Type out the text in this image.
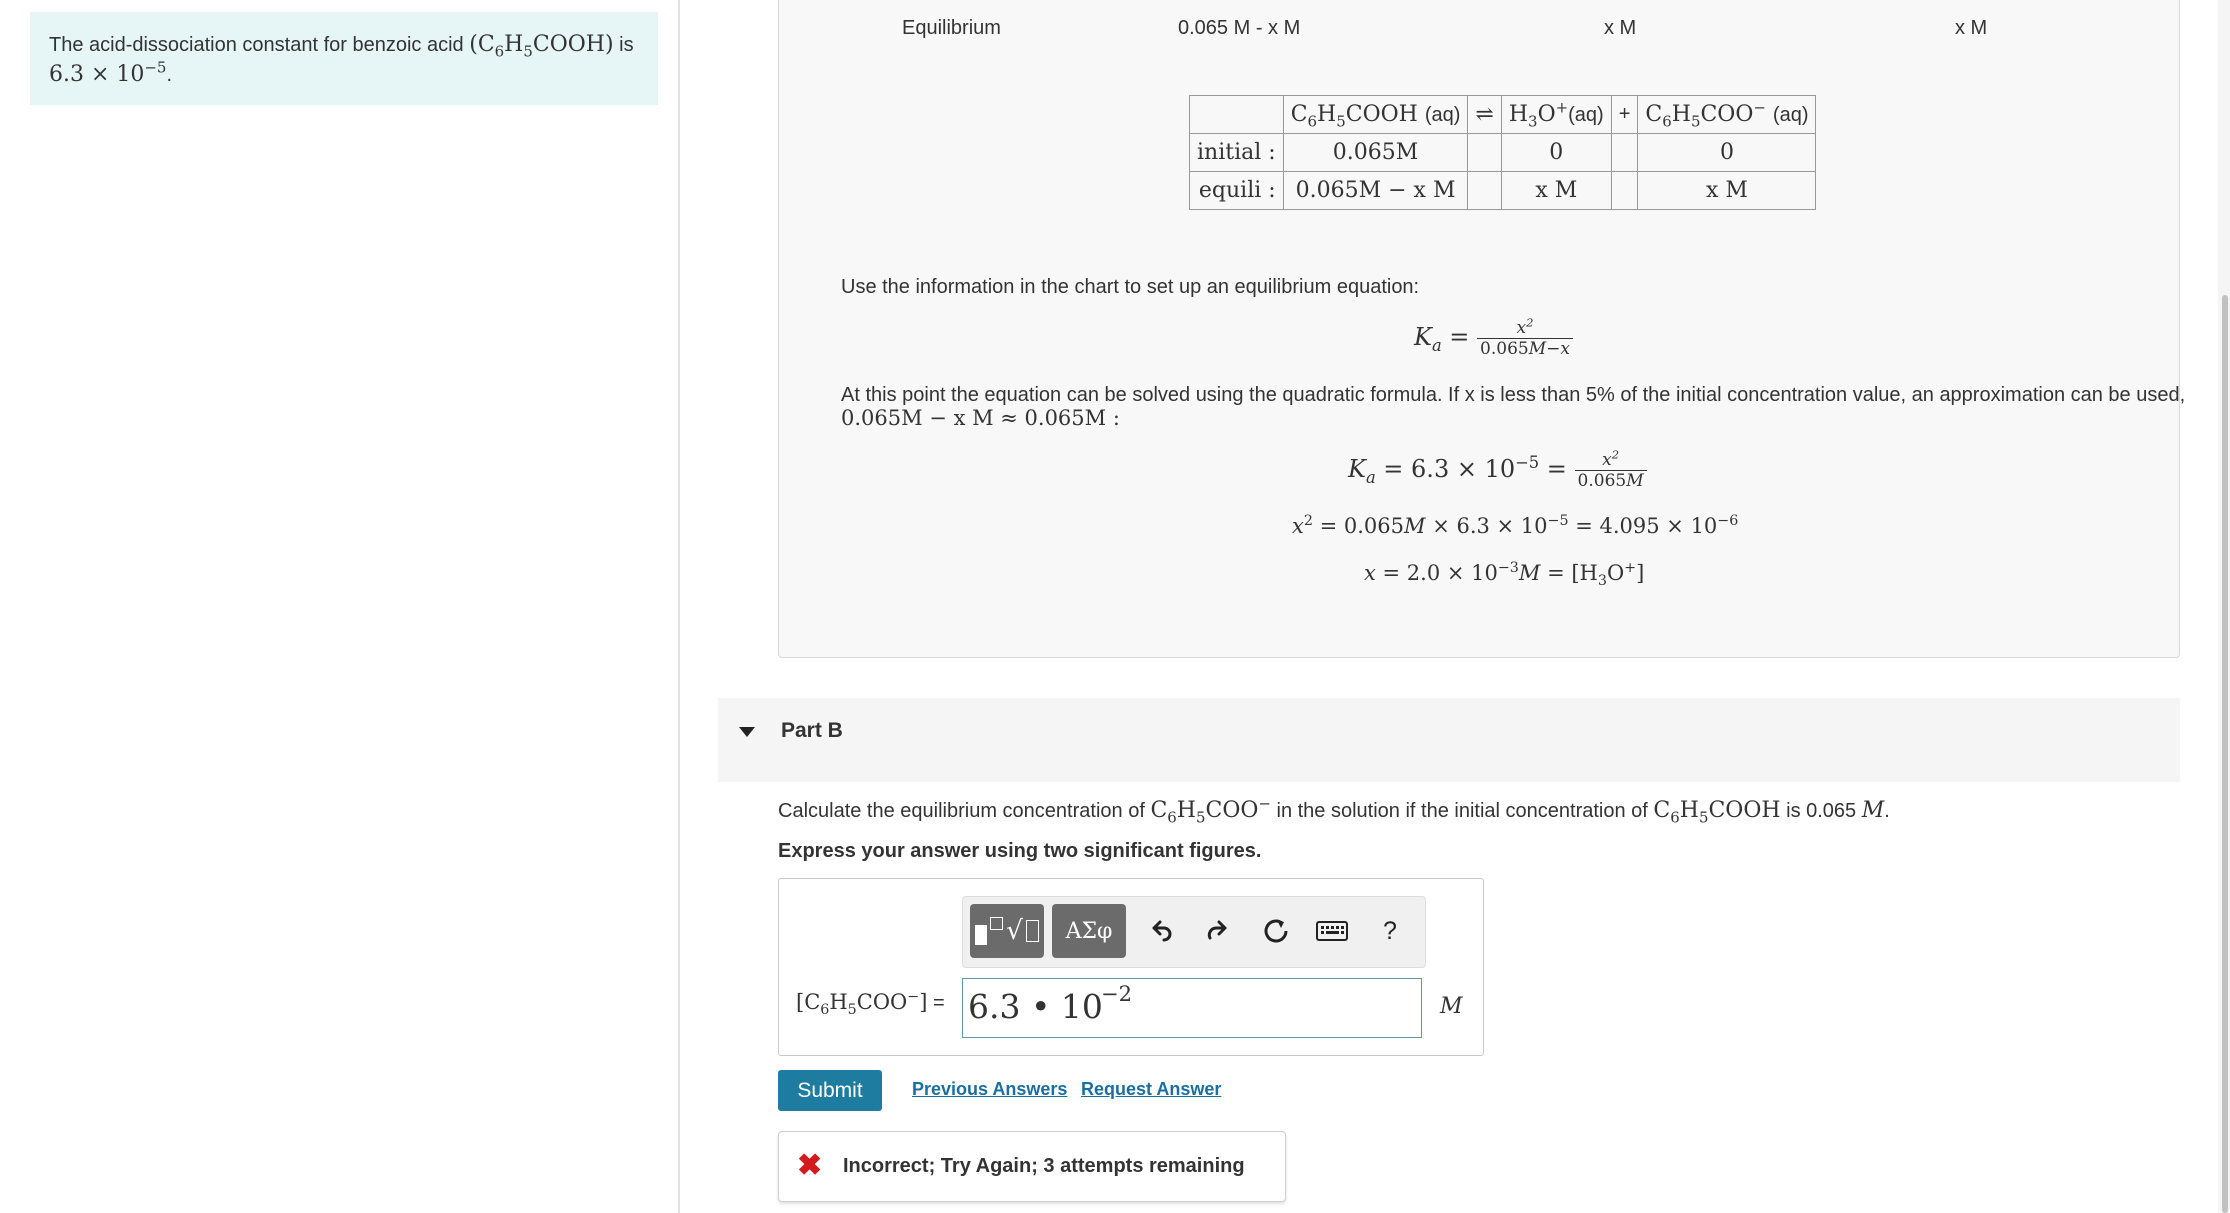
The acid-dissociation constant for benzoic acid $(C_6H_5COOH)$ is
$6.3 \times 10^{-5}$.
Equilibrium	0.065 M - x M	x M	x M
	$C_6H_5COOH$ (aq)	⇌	$H_3O^+(aq)$	+	$C_6H_5COO^-$ (aq)
initial :	0.065M		0		0
equili :	0.065M − x M		x M		x M
Use the information in the chart to set up an equilibrium equation:
$K_a = \frac{x^2}{0.065M-x}$
At this point the equation can be solved using the quadratic formula. If x is less than 5% of the initial concentration value, an approximation can be used,
0.065M − x M ≈ 0.065M :
$K_a = 6.3 \times 10^{-5} = \frac{x^2}{0.065M}$
$x^2 = 0.065M \times 6.3 \times 10^{-5} = 4.095 \times 10^{-6}$
$x = 2.0 \times 10^{-3}M = [H_3O^+]$
Part B
Calculate the equilibrium concentration of $C_6H_5COO^-$ in the solution if the initial concentration of $C_6H_5COOH$ is 0.065 M.
Express your answer using two significant figures.
√	ΑΣφ	?
$[C_6H_5COO^-] = 6.3$ • 10
−2	M
Submit	Previous Answers Request Answer
✖ Incorrect; Try Again; 3 attempts remaining
